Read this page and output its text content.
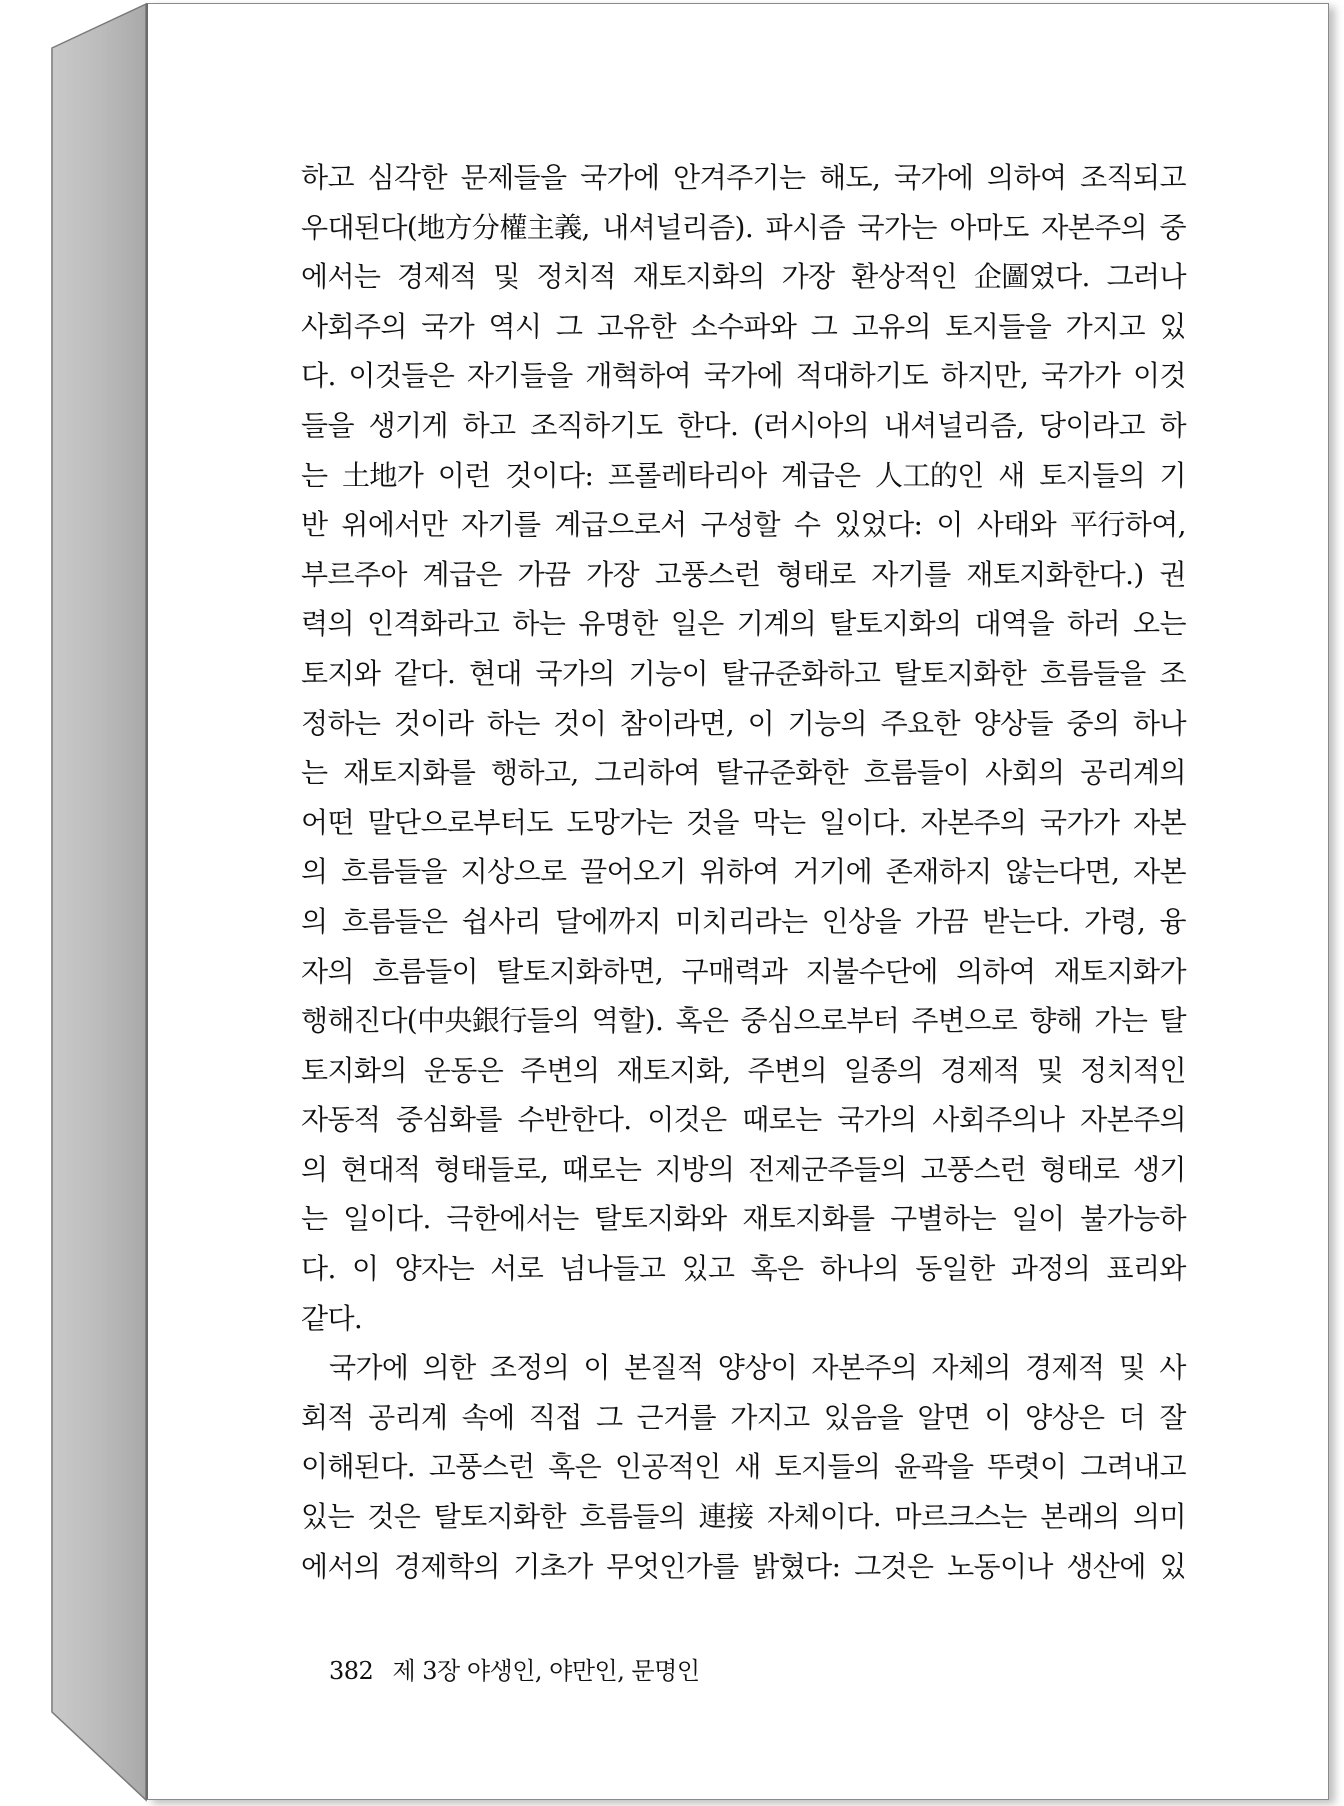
하고 심각한 문제들을 국가에 안겨주기는 해도, 국가에 의하여 조직되고
우대된다(地方分權主義, 내셔널리즘). 파시즘 국가는 아마도 자본주의 중
에서는 경제적 및 정치적 재토지화의 가장 환상적인 企圖였다. 그러나
사회주의 국가 역시 그 고유한 소수파와 그 고유의 토지들을 가지고 있
다. 이것들은 자기들을 개혁하여 국가에 적대하기도 하지만, 국가가 이것
들을 생기게 하고 조직하기도 한다. (러시아의 내셔널리즘, 당이라고 하
는 土地가 이런 것이다: 프롤레타리아 계급은 人工的인 새 토지들의 기
반 위에서만 자기를 계급으로서 구성할 수 있었다: 이 사태와 平行하여,
부르주아 계급은 가끔 가장 고풍스런 형태로 자기를 재토지화한다.) 권
력의 인격화라고 하는 유명한 일은 기계의 탈토지화의 대역을 하러 오는
토지와 같다. 현대 국가의 기능이 탈규준화하고 탈토지화한 흐름들을 조
정하는 것이라 하는 것이 참이라면, 이 기능의 주요한 양상들 중의 하나
는 재토지화를 행하고, 그리하여 탈규준화한 흐름들이 사회의 공리계의
어떤 말단으로부터도 도망가는 것을 막는 일이다. 자본주의 국가가 자본
의 흐름들을 지상으로 끌어오기 위하여 거기에 존재하지 않는다면, 자본
의 흐름들은 쉽사리 달에까지 미치리라는 인상을 가끔 받는다. 가령, 융
자의 흐름들이 탈토지화하면, 구매력과 지불수단에 의하여 재토지화가
행해진다(中央銀行들의 역할). 혹은 중심으로부터 주변으로 향해 가는 탈
토지화의 운동은 주변의 재토지화, 주변의 일종의 경제적 및 정치적인
자동적 중심화를 수반한다. 이것은 때로는 국가의 사회주의나 자본주의
의 현대적 형태들로, 때로는 지방의 전제군주들의 고풍스런 형태로 생기
는 일이다. 극한에서는 탈토지화와 재토지화를 구별하는 일이 불가능하
다. 이 양자는 서로 넘나들고 있고 혹은 하나의 동일한 과정의 표리와
같다.
국가에 의한 조정의 이 본질적 양상이 자본주의 자체의 경제적 및 사
회적 공리계 속에 직접 그 근거를 가지고 있음을 알면 이 양상은 더 잘
이해된다. 고풍스런 혹은 인공적인 새 토지들의 윤곽을 뚜렷이 그려내고
있는 것은 탈토지화한 흐름들의 連接 자체이다. 마르크스는 본래의 의미
에서의 경제학의 기초가 무엇인가를 밝혔다: 그것은 노동이나 생산에 있
382 제 3장 야생인, 야만인, 문명인
